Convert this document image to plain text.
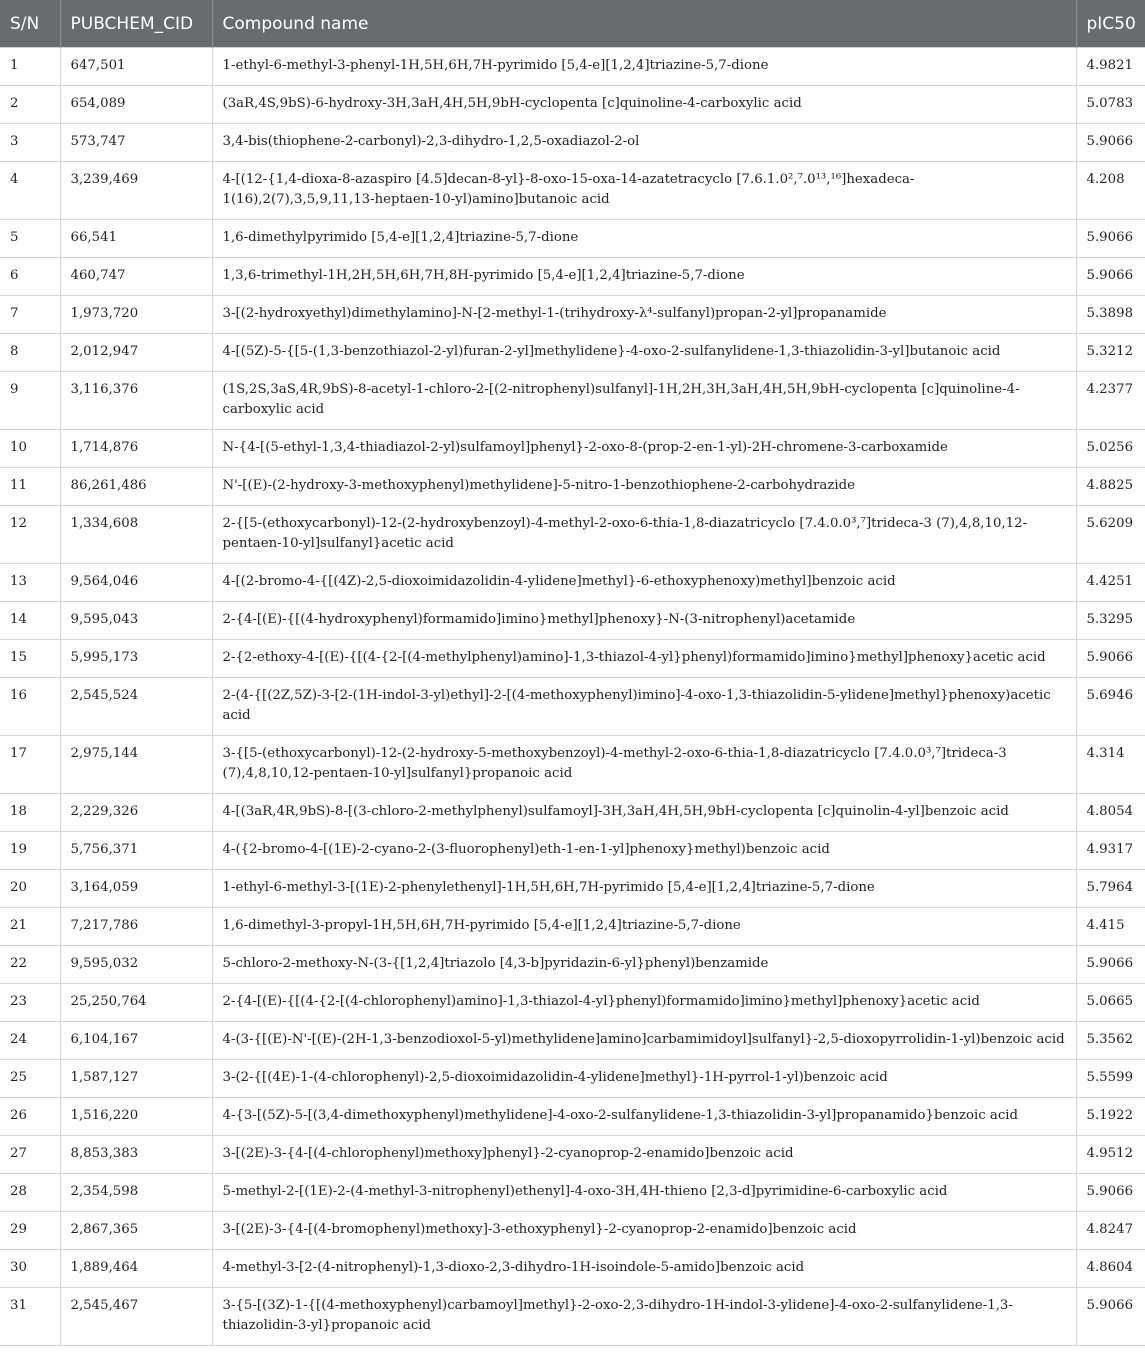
S/N	PUBCHEM_CID	Compound name	pIC50
1	647,501	1-ethyl-6-methyl-3-phenyl-1H,5H,6H,7H-pyrimido [5,4-e][1,2,4]triazine-5,7-dione	4.9821
2	654,089	(3aR,4S,9bS)-6-hydroxy-3H,3aH,4H,5H,9bH-cyclopenta [c]quinoline-4-carboxylic acid	5.0783
3	573,747	3,4-bis(thiophene-2-carbonyl)-2,3-dihydro-1,2,5-oxadiazol-2-ol	5.9066
4	3,239,469	4-[(12-{1,4-dioxa-8-azaspiro [4.5]decan-8-yl}-8-oxo-15-oxa-14-azatetracyclo [7.6.1.0²,⁷.0¹³,¹⁶]hexadeca-1(16),2(7),3,5,9,11,13-heptaen-10-yl)amino]butanoic acid	4.208
5	66,541	1,6-dimethylpyrimido [5,4-e][1,2,4]triazine-5,7-dione	5.9066
6	460,747	1,3,6-trimethyl-1H,2H,5H,6H,7H,8H-pyrimido [5,4-e][1,2,4]triazine-5,7-dione	5.9066
7	1,973,720	3-[(2-hydroxyethyl)dimethylamino]-N-[2-methyl-1-(trihydroxy-λ⁴-sulfanyl)propan-2-yl]propanamide	5.3898
8	2,012,947	4-[(5Z)-5-{[5-(1,3-benzothiazol-2-yl)furan-2-yl]methylidene}-4-oxo-2-sulfanylidene-1,3-thiazolidin-3-yl]butanoic acid	5.3212
9	3,116,376	(1S,2S,3aS,4R,9bS)-8-acetyl-1-chloro-2-[(2-nitrophenyl)sulfanyl]-1H,2H,3H,3aH,4H,5H,9bH-cyclopenta [c]quinoline-4-carboxylic acid	4.2377
10	1,714,876	N-{4-[(5-ethyl-1,3,4-thiadiazol-2-yl)sulfamoyl]phenyl}-2-oxo-8-(prop-2-en-1-yl)-2H-chromene-3-carboxamide	5.0256
11	86,261,486	N'-[(E)-(2-hydroxy-3-methoxyphenyl)methylidene]-5-nitro-1-benzothiophene-2-carbohydrazide	4.8825
12	1,334,608	2-{[5-(ethoxycarbonyl)-12-(2-hydroxybenzoyl)-4-methyl-2-oxo-6-thia-1,8-diazatricyclo [7.4.0.0³,⁷]trideca-3 (7),4,8,10,12-pentaen-10-yl]sulfanyl}acetic acid	5.6209
13	9,564,046	4-[(2-bromo-4-{[(4Z)-2,5-dioxoimidazolidin-4-ylidene]methyl}-6-ethoxyphenoxy)methyl]benzoic acid	4.4251
14	9,595,043	2-{4-[(E)-{[(4-hydroxyphenyl)formamido]imino}methyl]phenoxy}-N-(3-nitrophenyl)acetamide	5.3295
15	5,995,173	2-{2-ethoxy-4-[(E)-{[(4-{2-[(4-methylphenyl)amino]-1,3-thiazol-4-yl}phenyl)formamido]imino}methyl]phenoxy}acetic acid	5.9066
16	2,545,524	2-(4-{[(2Z,5Z)-3-[2-(1H-indol-3-yl)ethyl]-2-[(4-methoxyphenyl)imino]-4-oxo-1,3-thiazolidin-5-ylidene]methyl}phenoxy)acetic acid	5.6946
17	2,975,144	3-{[5-(ethoxycarbonyl)-12-(2-hydroxy-5-methoxybenzoyl)-4-methyl-2-oxo-6-thia-1,8-diazatricyclo [7.4.0.0³,⁷]trideca-3 (7),4,8,10,12-pentaen-10-yl]sulfanyl}propanoic acid	4.314
18	2,229,326	4-[(3aR,4R,9bS)-8-[(3-chloro-2-methylphenyl)sulfamoyl]-3H,3aH,4H,5H,9bH-cyclopenta [c]quinolin-4-yl]benzoic acid	4.8054
19	5,756,371	4-({2-bromo-4-[(1E)-2-cyano-2-(3-fluorophenyl)eth-1-en-1-yl]phenoxy}methyl)benzoic acid	4.9317
20	3,164,059	1-ethyl-6-methyl-3-[(1E)-2-phenylethenyl]-1H,5H,6H,7H-pyrimido [5,4-e][1,2,4]triazine-5,7-dione	5.7964
21	7,217,786	1,6-dimethyl-3-propyl-1H,5H,6H,7H-pyrimido [5,4-e][1,2,4]triazine-5,7-dione	4.415
22	9,595,032	5-chloro-2-methoxy-N-(3-{[1,2,4]triazolo [4,3-b]pyridazin-6-yl}phenyl)benzamide	5.9066
23	25,250,764	2-{4-[(E)-{[(4-{2-[(4-chlorophenyl)amino]-1,3-thiazol-4-yl}phenyl)formamido]imino}methyl]phenoxy}acetic acid	5.0665
24	6,104,167	4-(3-{[(E)-N'-[(E)-(2H-1,3-benzodioxol-5-yl)methylidene]amino]carbamimidoyl]sulfanyl}-2,5-dioxopyrrolidin-1-yl)benzoic acid	5.3562
25	1,587,127	3-(2-{[(4E)-1-(4-chlorophenyl)-2,5-dioxoimidazolidin-4-ylidene]methyl}-1H-pyrrol-1-yl)benzoic acid	5.5599
26	1,516,220	4-{3-[(5Z)-5-[(3,4-dimethoxyphenyl)methylidene]-4-oxo-2-sulfanylidene-1,3-thiazolidin-3-yl]propanamido}benzoic acid	5.1922
27	8,853,383	3-[(2E)-3-{4-[(4-chlorophenyl)methoxy]phenyl}-2-cyanoprop-2-enamido]benzoic acid	4.9512
28	2,354,598	5-methyl-2-[(1E)-2-(4-methyl-3-nitrophenyl)ethenyl]-4-oxo-3H,4H-thieno [2,3-d]pyrimidine-6-carboxylic acid	5.9066
29	2,867,365	3-[(2E)-3-{4-[(4-bromophenyl)methoxy]-3-ethoxyphenyl}-2-cyanoprop-2-enamido]benzoic acid	4.8247
30	1,889,464	4-methyl-3-[2-(4-nitrophenyl)-1,3-dioxo-2,3-dihydro-1H-isoindole-5-amido]benzoic acid	4.8604
31	2,545,467	3-{5-[(3Z)-1-{[(4-methoxyphenyl)carbamoyl]methyl}-2-oxo-2,3-dihydro-1H-indol-3-ylidene]-4-oxo-2-sulfanylidene-1,3-thiazolidin-3-yl}propanoic acid	5.9066
